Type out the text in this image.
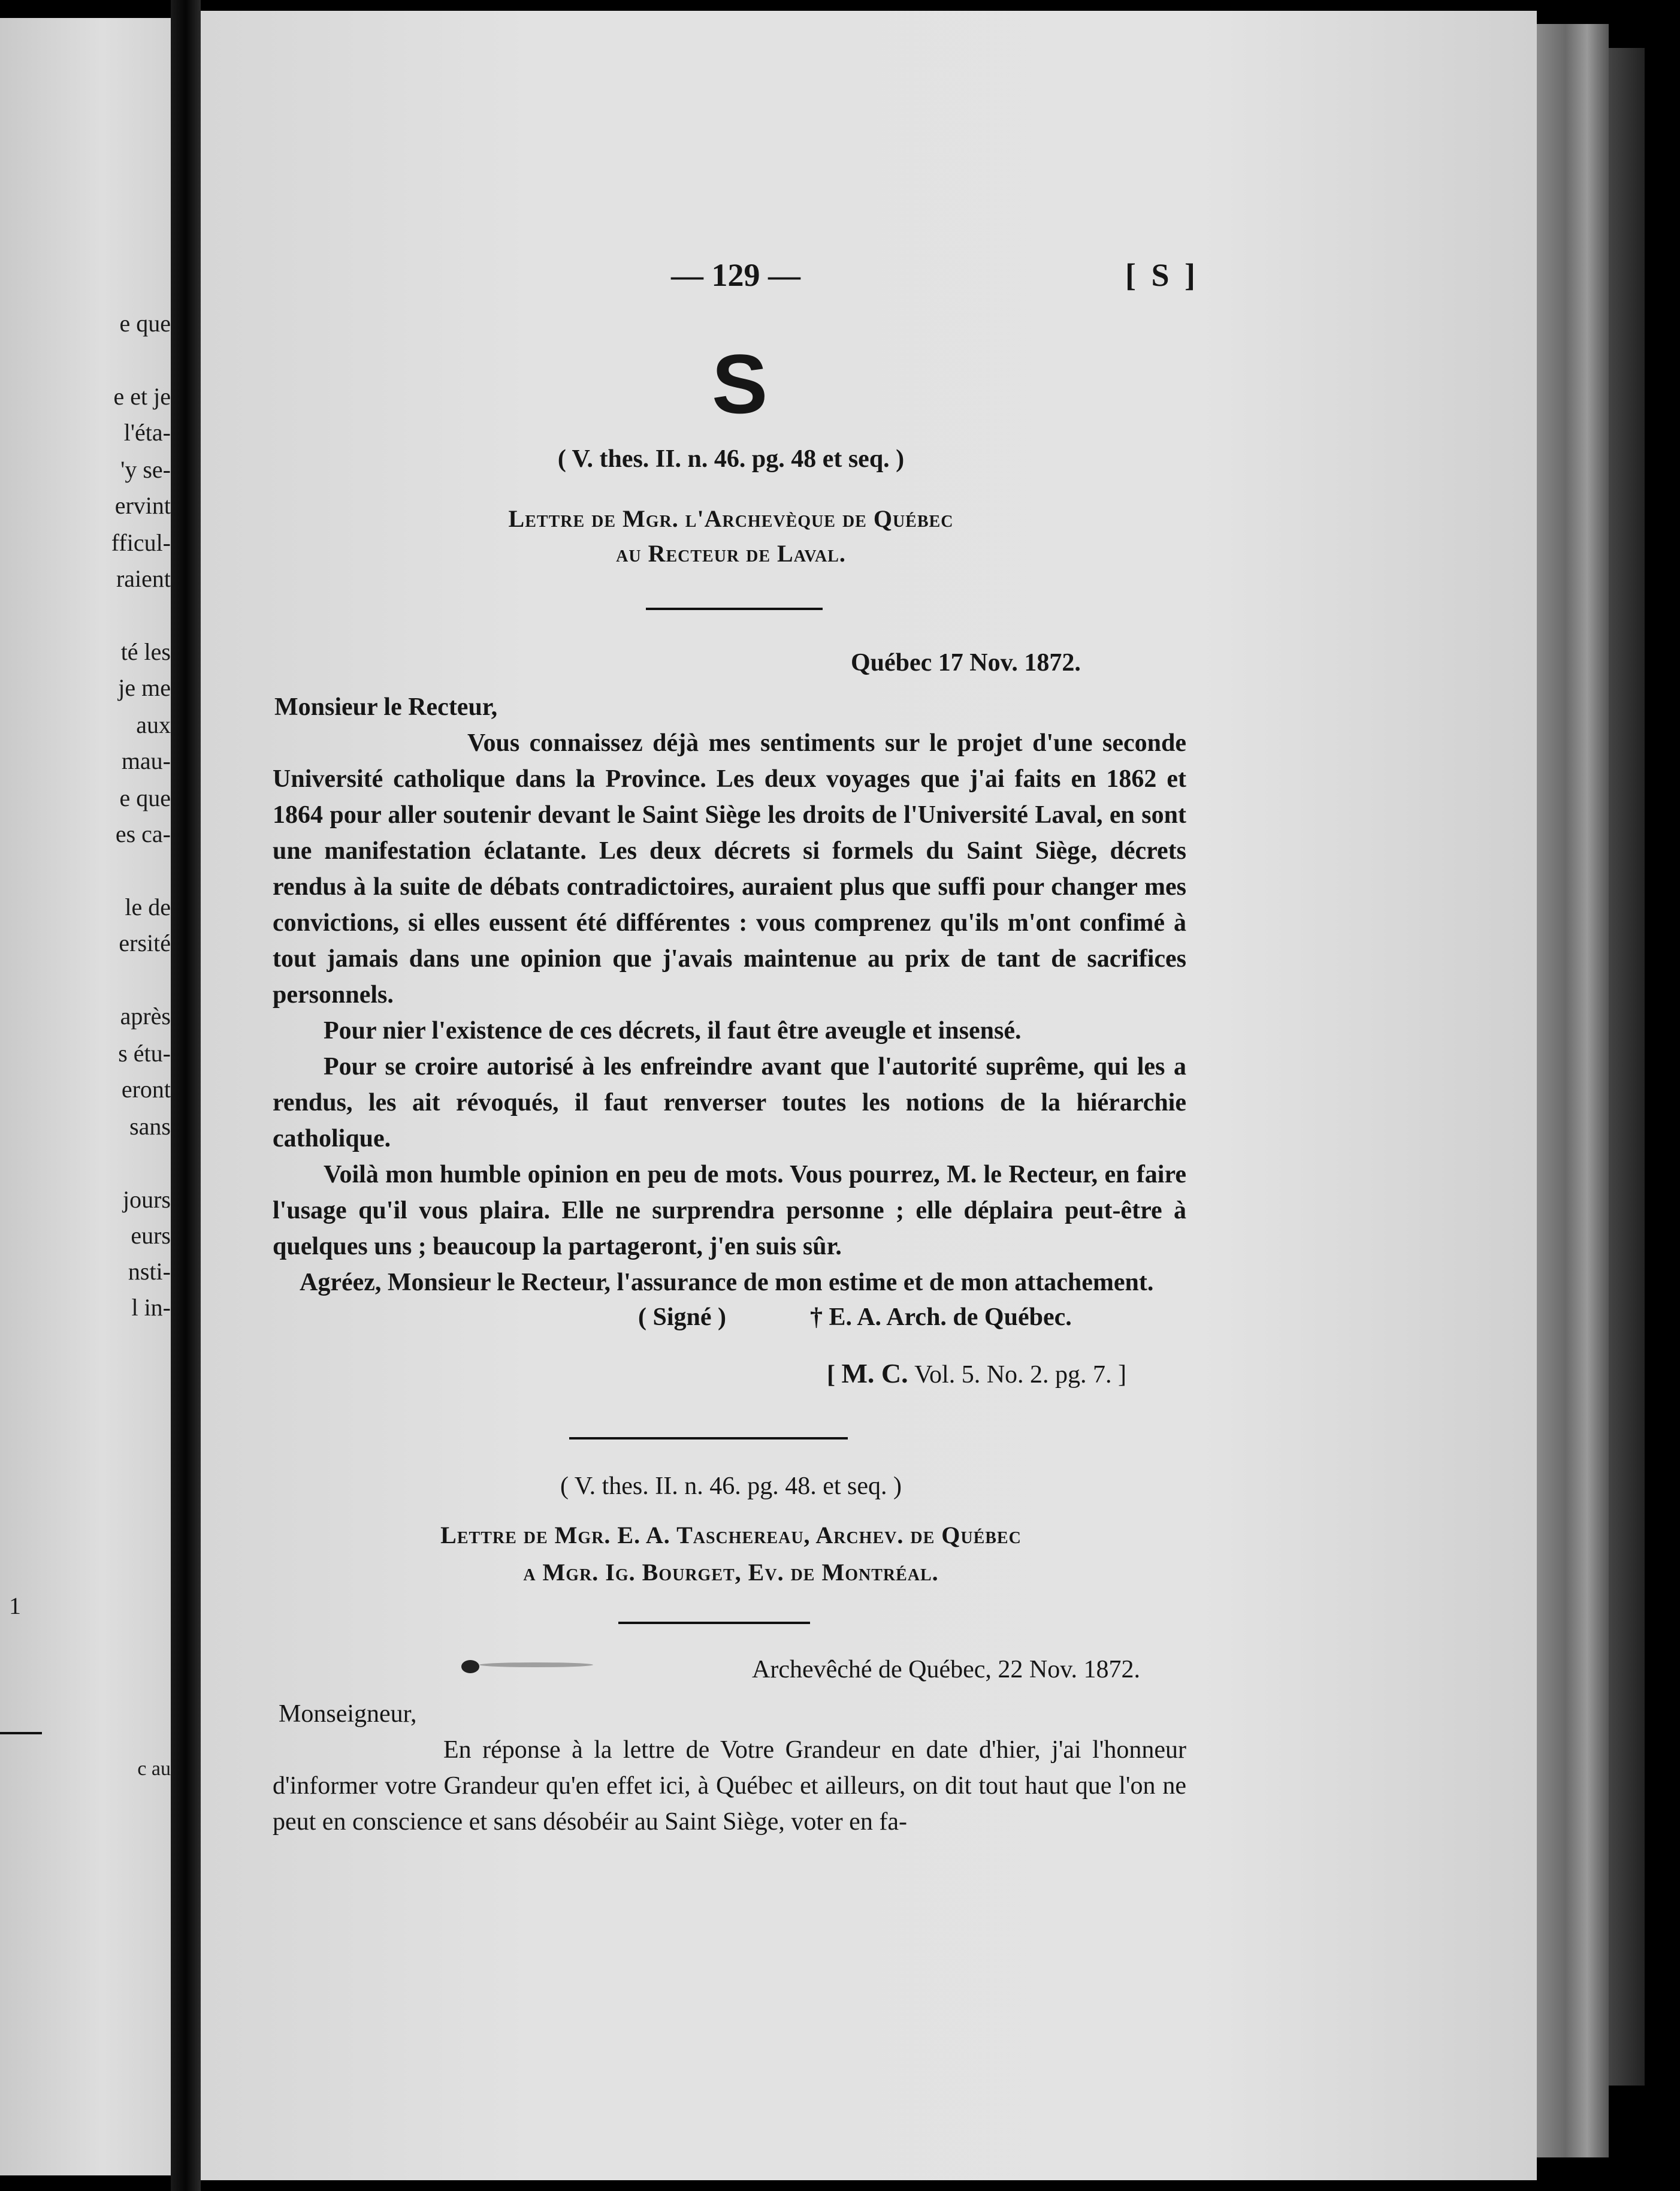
e que

e et je

l'éta-

'y se-

ervint

fficul-

raient

té les

je me

aux

mau-

e que

es ca-

le de

ersité

après

s étu-

eront

sans

jours

eurs

nsti-

l in-

1

c au

— 129 —	[ S ]

S

( V. thes. II. n. 46. pg. 48 et seq. )

Lettre de Mgr. l'Archevèque de Québec

au Recteur de Laval.

Québec 17 Nov. 1872.

Monsieur le Recteur,

Vous connaissez déjà mes sentiments sur le projet d'une seconde Université catholique dans la Province. Les deux voyages que j'ai faits en 1862 et 1864 pour aller soutenir devant le Saint Siège les droits de l'Université Laval, en sont une manifestation éclatante. Les deux décrets si formels du Saint Siège, décrets rendus à la suite de débats contradictoires, auraient plus que suffi pour changer mes convictions, si elles eussent été différentes : vous comprenez qu'ils m'ont confimé à tout jamais dans une opinion que j'avais maintenue au prix de tant de sacrifices personnels.

Pour nier l'existence de ces décrets, il faut être aveugle et insensé.

Pour se croire autorisé à les enfreindre avant que l'autorité suprême, qui les a rendus, les ait révoqués, il faut renverser toutes les notions de la hiérarchie catholique.

Voilà mon humble opinion en peu de mots. Vous pourrez, M. le Recteur, en faire l'usage qu'il vous plaira. Elle ne surprendra personne ; elle déplaira peut-être à quelques uns ; beaucoup la partageront, j'en suis sûr.

Agréez, Monsieur le Recteur, l'assurance de mon estime et de mon attachement.

( Signé )	† E. A. Arch. de Québec.

[ M. C. Vol. 5. No. 2. pg. 7. ]

( V. thes. II. n. 46. pg. 48. et seq. )

Lettre de Mgr. E. A. Taschereau, Archev. de Québec

a Mgr. Ig. Bourget, Ev. de Montréal.

Archevêché de Québec, 22 Nov. 1872.

Monseigneur,

En réponse à la lettre de Votre Grandeur en date d'hier, j'ai l'honneur d'informer votre Grandeur qu'en effet ici, à Québec et ailleurs, on dit tout haut que l'on ne peut en conscience et sans désobéir au Saint Siège, voter en fa-
